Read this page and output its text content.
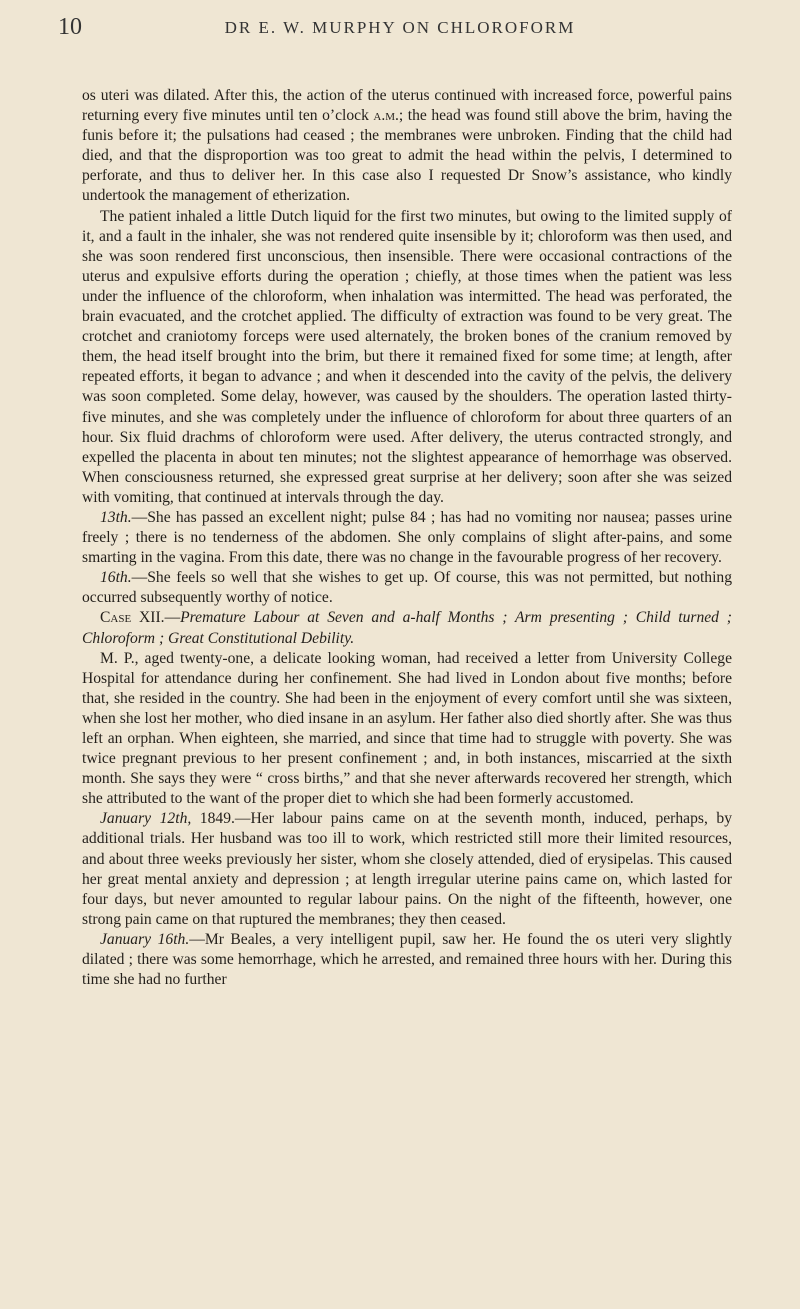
10	DR E. W. MURPHY ON CHLOROFORM

os uteri was dilated. After this, the action of the uterus continued with increased force, powerful pains returning every five minutes until ten o’clock a.m.; the head was found still above the brim, having the funis before it; the pulsations had ceased ; the membranes were unbroken. Finding that the child had died, and that the disproportion was too great to admit the head within the pelvis, I determined to perforate, and thus to deliver her. In this case also I requested Dr Snow’s assistance, who kindly undertook the management of etherization.

The patient inhaled a little Dutch liquid for the first two minutes, but owing to the limited supply of it, and a fault in the inhaler, she was not rendered quite insensible by it; chloroform was then used, and she was soon rendered first unconscious, then insensible. There were occasional contractions of the uterus and expulsive efforts during the operation ; chiefly, at those times when the patient was less under the influence of the chloroform, when inhalation was intermitted. The head was perforated, the brain evacuated, and the crotchet applied. The difficulty of extraction was found to be very great. The crotchet and craniotomy forceps were used alternately, the broken bones of the cranium removed by them, the head itself brought into the brim, but there it remained fixed for some time; at length, after repeated efforts, it began to advance ; and when it descended into the cavity of the pelvis, the delivery was soon completed. Some delay, however, was caused by the shoulders. The operation lasted thirty-five minutes, and she was completely under the influence of chloroform for about three quarters of an hour. Six fluid drachms of chloroform were used. After delivery, the uterus contracted strongly, and expelled the placenta in about ten minutes; not the slightest appearance of hemorrhage was observed. When consciousness returned, she expressed great surprise at her delivery; soon after she was seized with vomiting, that continued at intervals through the day.

13th.—She has passed an excellent night; pulse 84 ; has had no vomiting nor nausea; passes urine freely ; there is no tenderness of the abdomen. She only complains of slight after-pains, and some smarting in the vagina. From this date, there was no change in the favourable progress of her recovery.

16th.—She feels so well that she wishes to get up. Of course, this was not permitted, but nothing occurred subsequently worthy of notice.

Case XII.—Premature Labour at Seven and a-half Months ; Arm presenting ; Child turned ; Chloroform ; Great Constitutional Debility.

M. P., aged twenty-one, a delicate looking woman, had received a letter from University College Hospital for attendance during her confinement. She had lived in London about five months; before that, she resided in the country. She had been in the enjoyment of every comfort until she was sixteen, when she lost her mother, who died insane in an asylum. Her father also died shortly after. She was thus left an orphan. When eighteen, she married, and since that time had to struggle with poverty. She was twice pregnant previous to her present confinement ; and, in both instances, miscarried at the sixth month. She says they were “ cross births,” and that she never afterwards recovered her strength, which she attributed to the want of the proper diet to which she had been formerly accustomed.

January 12th, 1849.—Her labour pains came on at the seventh month, induced, perhaps, by additional trials. Her husband was too ill to work, which restricted still more their limited resources, and about three weeks previously her sister, whom she closely attended, died of erysipelas. This caused her great mental anxiety and depression ; at length irregular uterine pains came on, which lasted for four days, but never amounted to regular labour pains. On the night of the fifteenth, however, one strong pain came on that ruptured the membranes; they then ceased.

January 16th.—Mr Beales, a very intelligent pupil, saw her. He found the os uteri very slightly dilated ; there was some hemorrhage, which he arrested, and remained three hours with her. During this time she had no further
